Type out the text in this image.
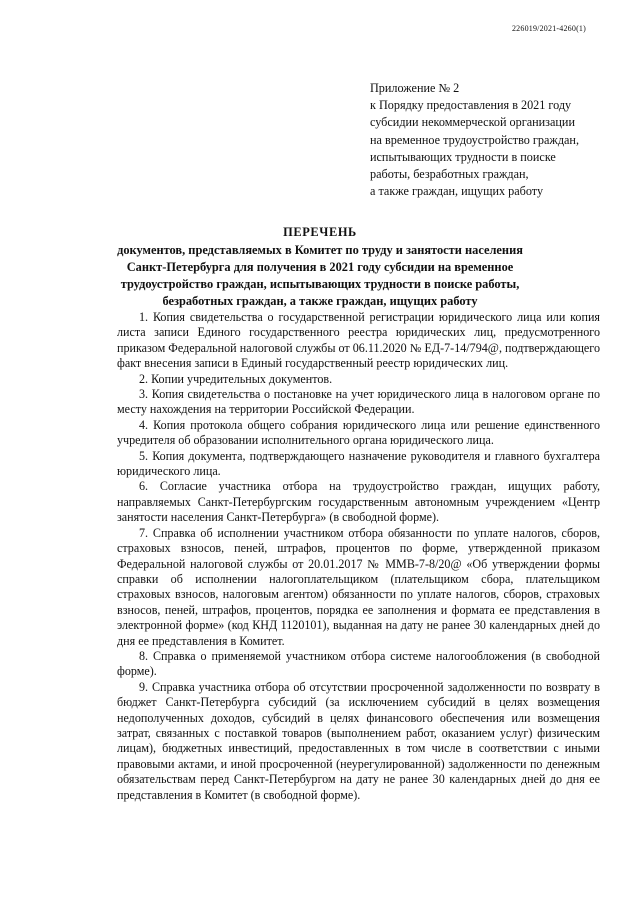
226019/2021-4260(1)
Приложение № 2
к Порядку предоставления в 2021 году
субсидии некоммерческой организации
на временное трудоустройство граждан,
испытывающих трудности в поиске
работы, безработных граждан,
а также граждан, ищущих работу
ПЕРЕЧЕНЬ
документов, представляемых в Комитет по труду и занятости населения
Санкт-Петербурга для получения в 2021 году субсидии на временное
трудоустройство граждан, испытывающих трудности в поиске работы,
безработных граждан, а также граждан, ищущих работу

1. Копия свидетельства о государственной регистрации юридического лица или копия листа записи Единого государственного реестра юридических лиц, предусмотренного приказом Федеральной налоговой службы от 06.11.2020 № ЕД-7-14/794@, подтверждающего факт внесения записи в Единый государственный реестр юридических лиц.

2. Копии учредительных документов.

3. Копия свидетельства о постановке на учет юридического лица в налоговом органе по месту нахождения на территории Российской Федерации.

4. Копия протокола общего собрания юридического лица или решение единственного учредителя об образовании исполнительного органа юридического лица.

5. Копия документа, подтверждающего назначение руководителя и главного бухгалтера юридического лица.

6. Согласие участника отбора на трудоустройство граждан, ищущих работу, направляемых Санкт-Петербургским государственным автономным учреждением «Центр занятости населения Санкт-Петербурга» (в свободной форме).

7. Справка об исполнении участником отбора обязанности по уплате налогов, сборов, страховых взносов, пеней, штрафов, процентов по форме, утвержденной приказом Федеральной налоговой службы от 20.01.2017 № ММВ-7-8/20@ «Об утверждении формы справки об исполнении налогоплательщиком (плательщиком сбора, плательщиком страховых взносов, налоговым агентом) обязанности по уплате налогов, сборов, страховых взносов, пеней, штрафов, процентов, порядка ее заполнения и формата ее представления в электронной форме» (код КНД 1120101), выданная на дату не ранее 30 календарных дней до дня ее представления в Комитет.

8. Справка о применяемой участником отбора системе налогообложения (в свободной форме).

9. Справка участника отбора об отсутствии просроченной задолженности по возврату в бюджет Санкт-Петербурга субсидий (за исключением субсидий в целях возмещения недополученных доходов, субсидий в целях финансового обеспечения или возмещения затрат, связанных с поставкой товаров (выполнением работ, оказанием услуг) физическим лицам), бюджетных инвестиций, предоставленных в том числе в соответствии с иными правовыми актами, и иной просроченной (неурегулированной) задолженности по денежным обязательствам перед Санкт-Петербургом на дату не ранее 30 календарных дней до дня ее представления в Комитет (в свободной форме).
